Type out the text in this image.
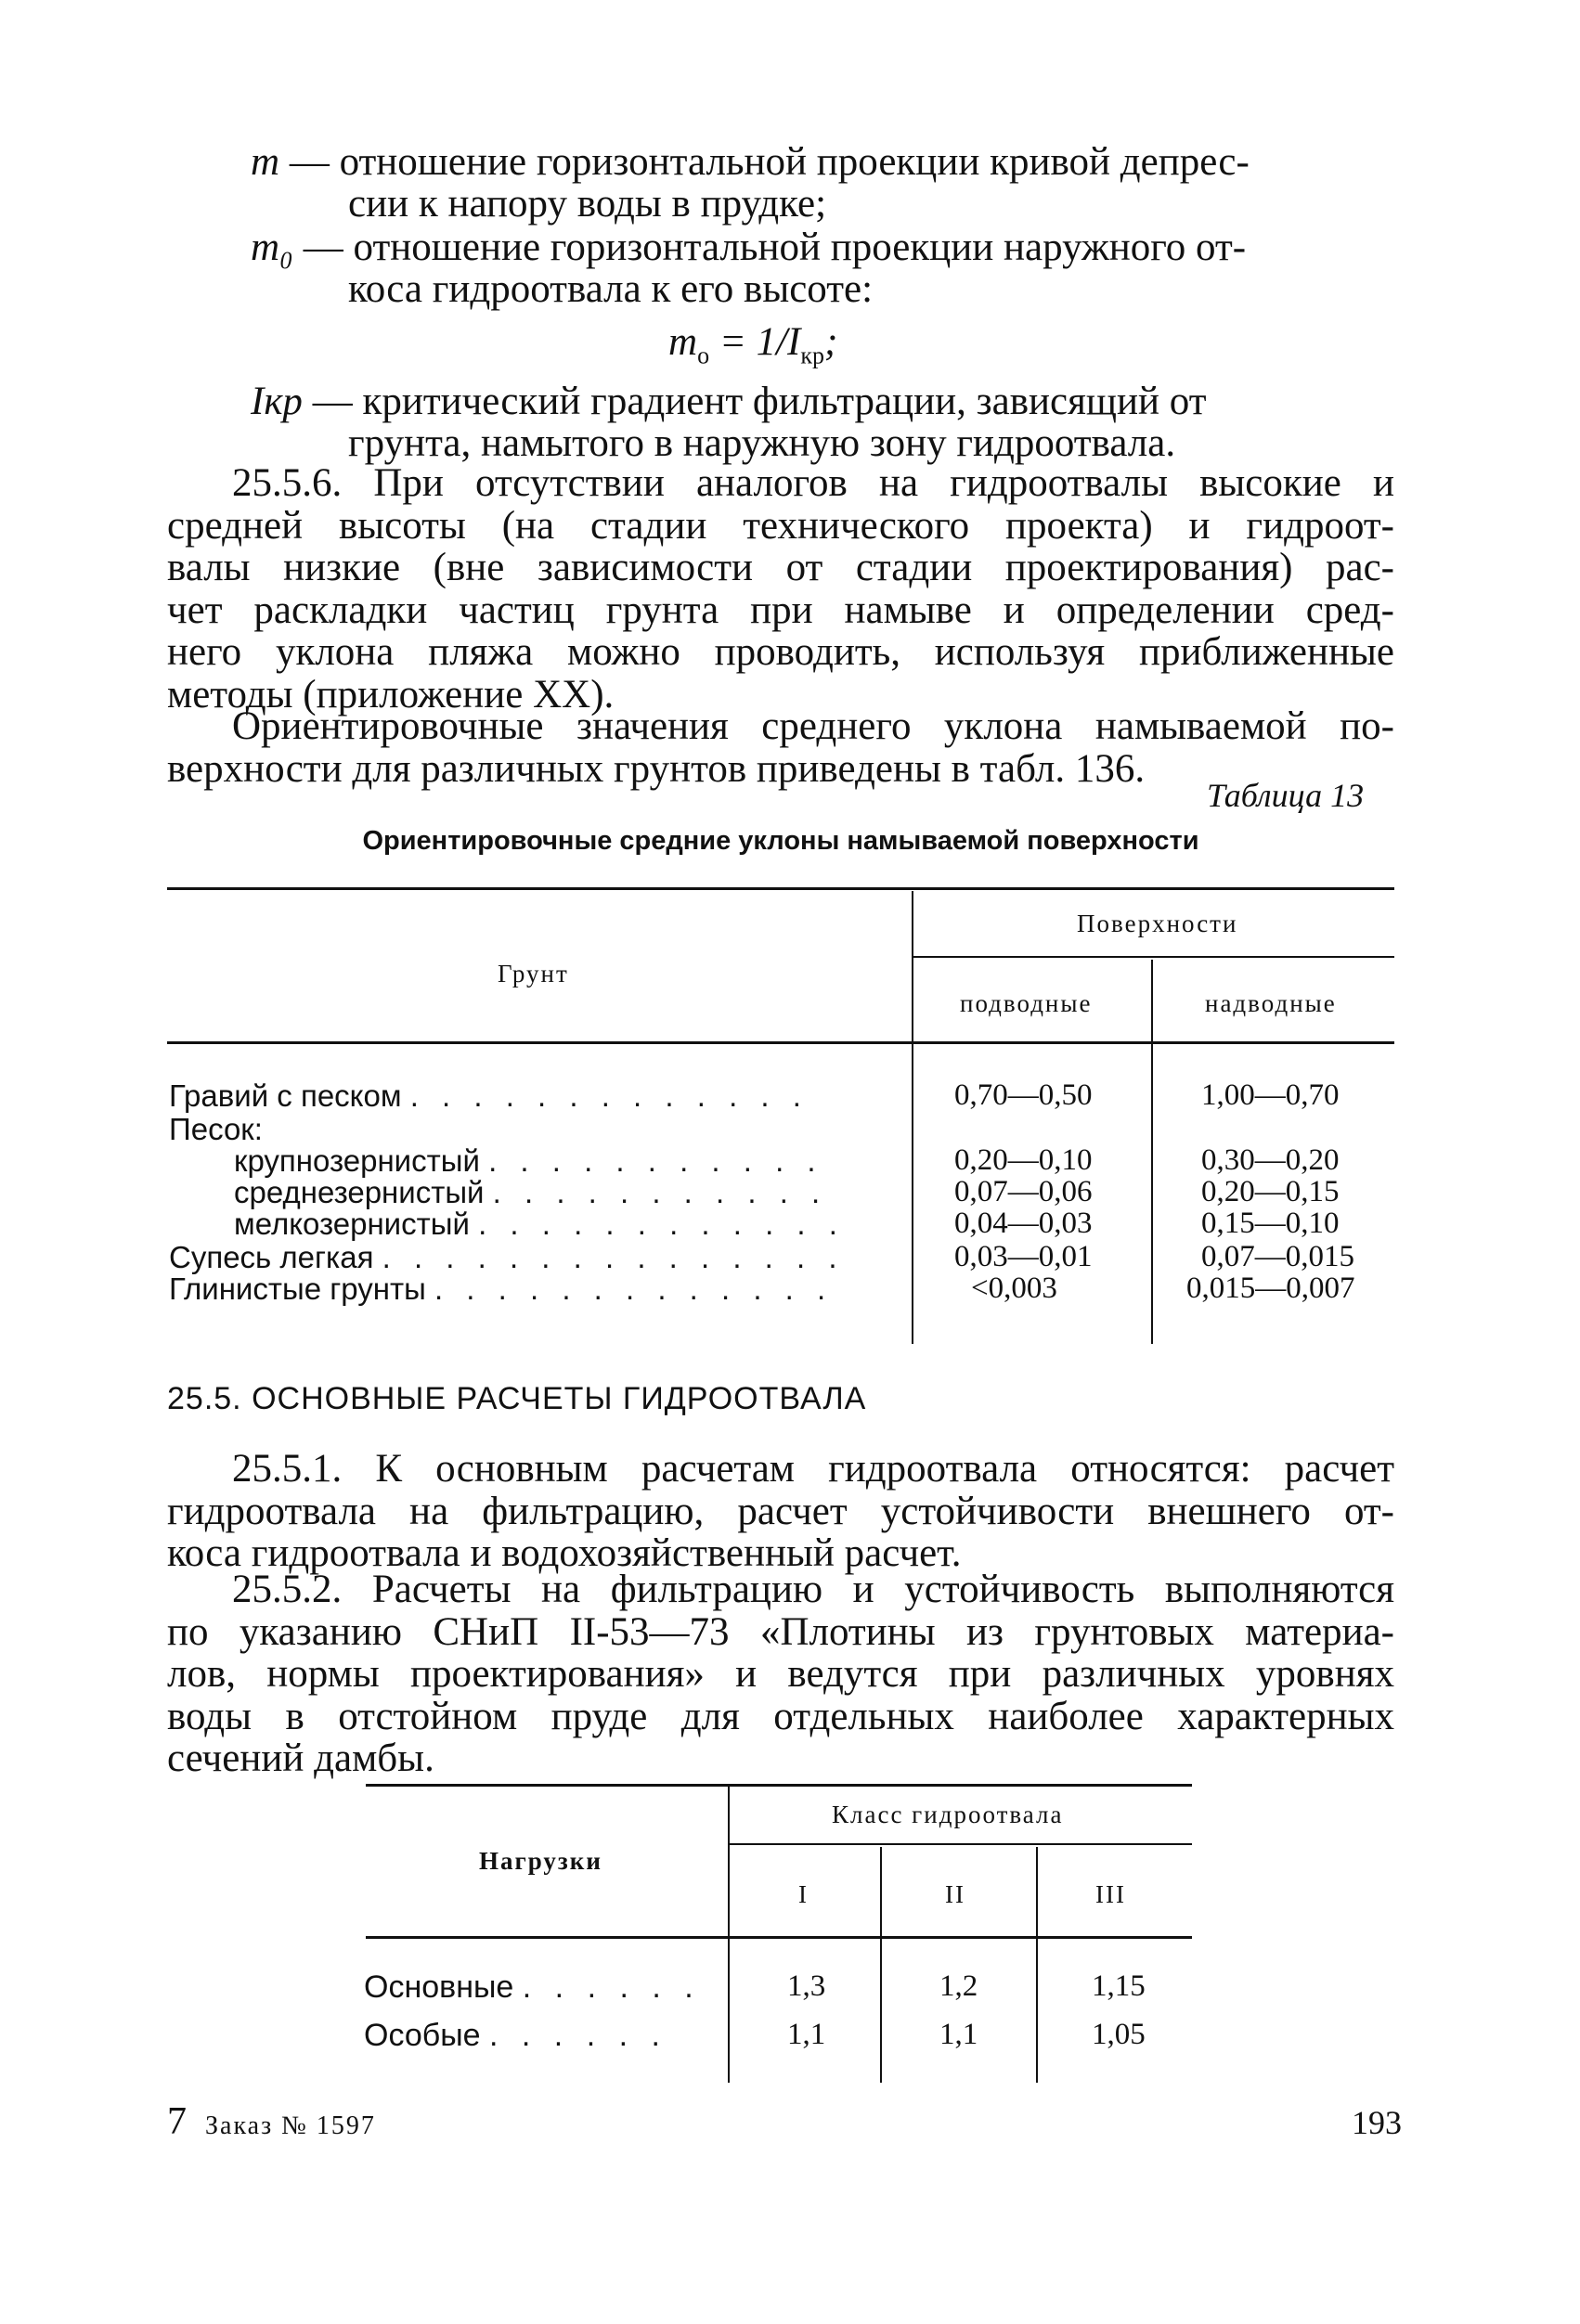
m — отношение горизонтальной проекции кривой депрес-
сии к напору воды в прудке;
m₀ — отношение горизонтальной проекции наружного от-
коса гидроотвала к его высоте:
$m_о = 1/I_{кр}$;
Iкр — критический градиент фильтрации, зависящий от
грунта, намытого в наружную зону гидроотвала.
25.5.6. При отсутствии аналогов на гидроотвалы высокие и
средней высоты (на стадии технического проекта) и гидроот-
валы низкие (вне зависимости от стадии проектирования) рас-
чет раскладки частиц грунта при намыве и определении сред-
него уклона пляжа можно проводить, используя приближенные
методы (приложение XX).
Ориентировочные значения среднего уклона намываемой по-
верхности для различных грунтов приведены в табл. 136.
Таблица 13
Ориентировочные средние уклоны намываемой поверхности
Грунт
Поверхности
подводные	надводные
Гравий с песком . . . . . . . . . . . . .	0,70—0,50	1,00—0,70
Песок:
крупнозернистый . . . . . . . . . . .	0,20—0,10	0,30—0,20
среднезернистый . . . . . . . . . . .	0,07—0,06	0,20—0,15
мелкозернистый . . . . . . . . . . . .	0,04—0,03	0,15—0,10
Супесь легкая . . . . . . . . . . . . . . .	0,03—0,01	0,07—0,015
Глинистые грунты . . . . . . . . . . . . .	<0,003	0,015—0,007
25.5. ОСНОВНЫЕ РАСЧЕТЫ ГИДРООТВАЛА
25.5.1. К основным расчетам гидроотвала относятся: расчет
гидроотвала на фильтрацию, расчет устойчивости внешнего от-
коса гидроотвала и водохозяйственный расчет.
25.5.2. Расчеты на фильтрацию и устойчивость выполняются
по указанию СНиП II-53—73 «Плотины из грунтовых материа-
лов, нормы проектирования» и ведутся при различных уровнях
воды в отстойном пруде для отдельных наиболее характерных
сечений дамбы.
Нагрузки
Класс гидроотвала
I	II	III
Основные . . . . . .	1,3	1,2	1,15
Особые . . . . . .	1,1	1,1	1,05
7 Заказ № 1597	193
